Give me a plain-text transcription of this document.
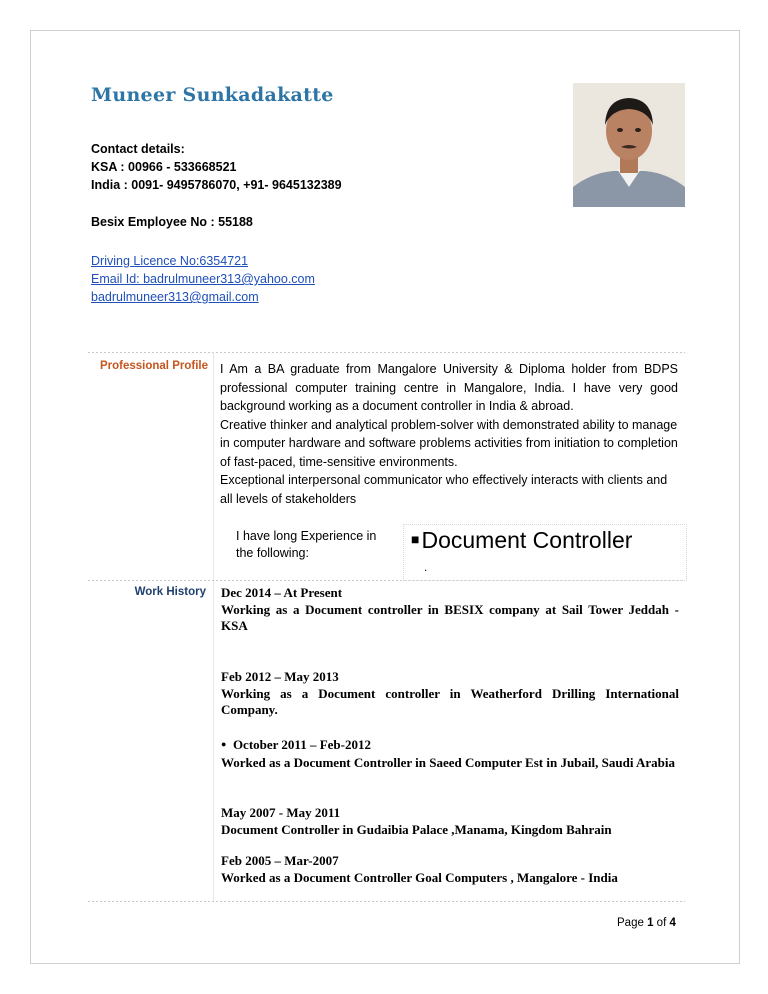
Muneer Sunkadakatte
Contact details:
KSA : 00966 - 533668521
India : 0091- 9495786070, +91- 9645132389
Besix Employee No : 55188
Driving Licence No:6354721
Email Id: badrulmuneer313@yahoo.com
badrulmuneer313@gmail.com
Professional Profile I Am a BA graduate from Mangalore University & Diploma holder from BDPS professional computer training centre in Mangalore, India. I have very good background working as a document controller in India & abroad.
Creative thinker and analytical problem-solver with demonstrated ability to manage in computer hardware and software problems activities from initiation to completion of fast-paced, time-sensitive environments.
Exceptional interpersonal communicator who effectively interacts with clients and all levels of stakeholders
I have long Experience in the following:
■Document Controller
.
Work History Dec 2014 – At Present
Working as a Document controller in BESIX company at Sail Tower Jeddah - KSA
Feb 2012 – May 2013
Working as a Document controller in Weatherford Drilling International Company.
● October 2011 – Feb-2012
Worked as a Document Controller in Saeed Computer Est in Jubail, Saudi Arabia
May 2007 - May 2011
Document Controller in Gudaibia Palace ,Manama, Kingdom Bahrain
Feb 2005 – Mar-2007
Worked as a Document Controller Goal Computers , Mangalore - India
Page 1 of 4
